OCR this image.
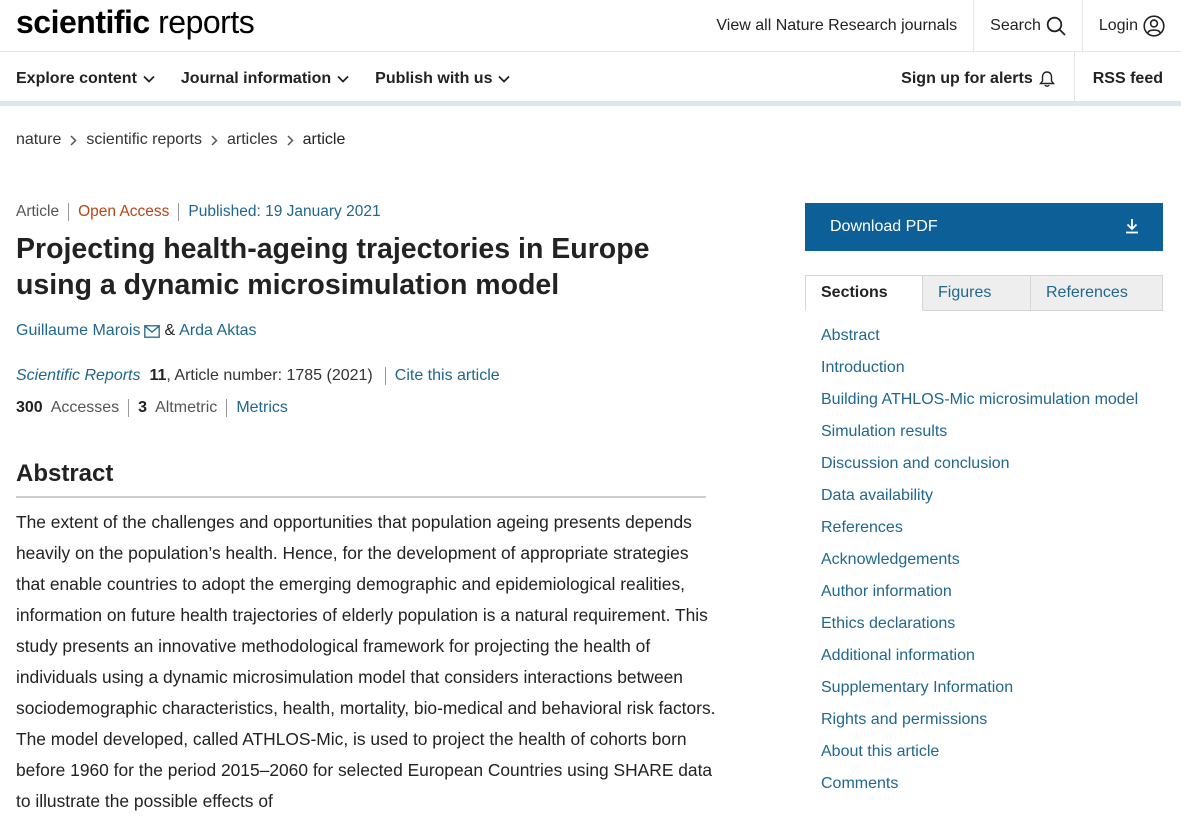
scientific reports	View all Nature Research journals	Search	Login
Explore content	Journal information	Publish with us	Sign up for alerts	RSS feed
nature scientific reports articles article
Article	Open Access	Published: 19 January 2021
Projecting health-ageing trajectories in Europe using a dynamic microsimulation model
Guillaume Marois & Arda Aktas
Scientific Reports 11 , Article number: 1785 (2021)	Cite this article
300 Accesses 3 Altmetric Metrics
Abstract

The extent of the challenges and opportunities that population ageing presents depends heavily on the population’s health. Hence, for the development of appropriate strategies that enable countries to adopt the emerging demographic and epidemiological realities, information on future health trajectories of elderly population is a natural requirement. This study presents an innovative methodological framework for projecting the health of individuals using a dynamic microsimulation model that considers interactions between sociodemographic characteristics, health, mortality, bio-medical and behavioral risk factors. The model developed, called ATHLOS-Mic, is used to project the health of cohorts born before 1960 for the period 2015–2060 for selected European Countries using SHARE data to illustrate the possible effects of

Download PDF
Sections	Figures	References
Abstract
Introduction
Building ATHLOS-Mic microsimulation model
Simulation results
Discussion and conclusion
Data availability
References
Acknowledgements
Author information
Ethics declarations
Additional information
Supplementary Information
Rights and permissions
About this article
Comments
